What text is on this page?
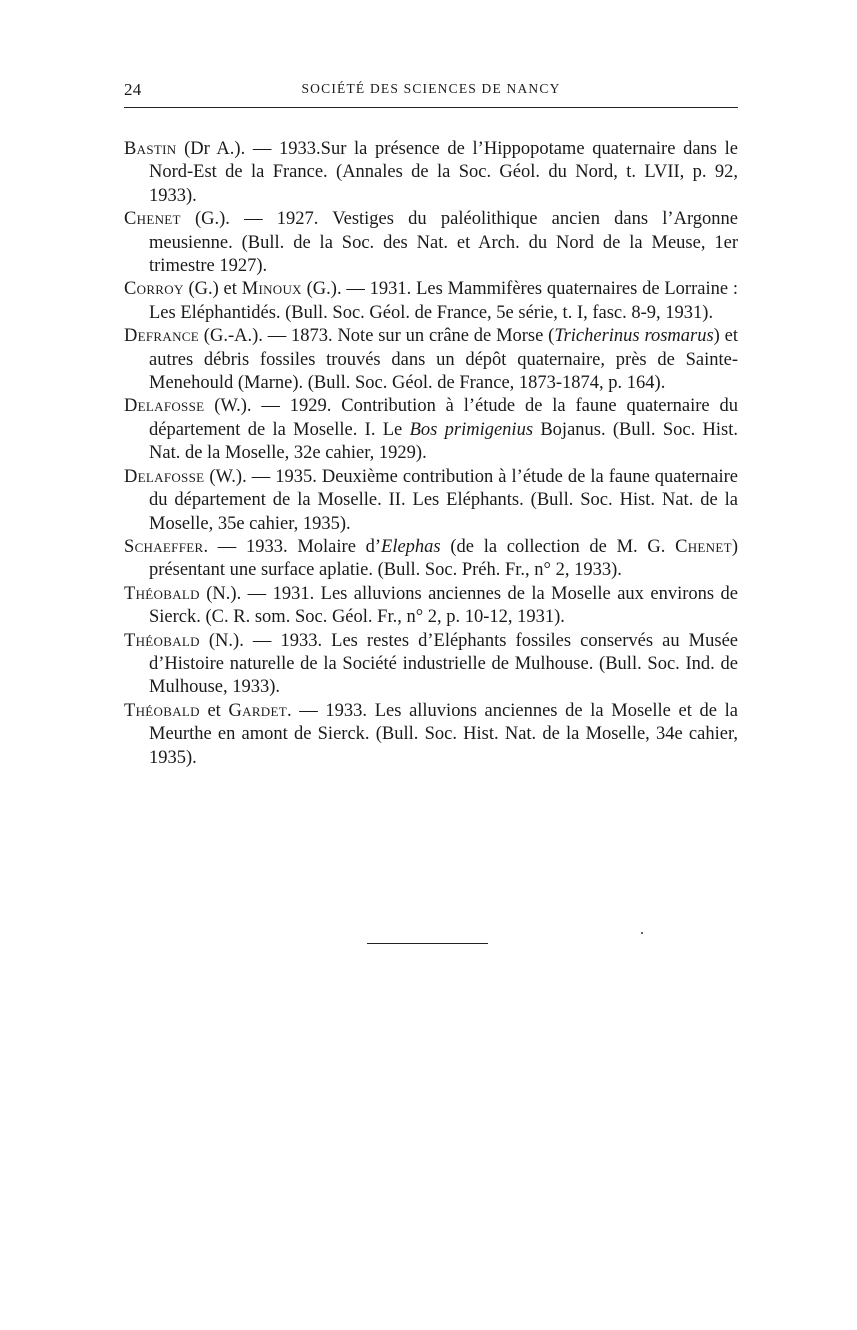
24	SOCIÉTÉ DES SCIENCES DE NANCY

Bastin (Dr A.). — 1933.Sur la présence de l’Hippopotame quaternaire dans le Nord-Est de la France. (Annales de la Soc. Géol. du Nord, t. LVII, p. 92, 1933).

Chenet (G.). — 1927. Vestiges du paléolithique ancien dans l’Argonne meusienne. (Bull. de la Soc. des Nat. et Arch. du Nord de la Meuse, 1er trimestre 1927).

Corroy (G.) et Minoux (G.). — 1931. Les Mammifères quaternaires de Lorraine : Les Eléphantidés. (Bull. Soc. Géol. de France, 5e série, t. I, fasc. 8-9, 1931).

Defrance (G.-A.). — 1873. Note sur un crâne de Morse (Tricherinus rosmarus) et autres débris fossiles trouvés dans un dépôt quaternaire, près de Sainte-Menehould (Marne). (Bull. Soc. Géol. de France, 1873-1874, p. 164).

Delafosse (W.). — 1929. Contribution à l’étude de la faune quaternaire du département de la Moselle. I. Le Bos primigenius Bojanus. (Bull. Soc. Hist. Nat. de la Moselle, 32e cahier, 1929).

Delafosse (W.). — 1935. Deuxième contribution à l’étude de la faune quaternaire du département de la Moselle. II. Les Eléphants. (Bull. Soc. Hist. Nat. de la Moselle, 35e cahier, 1935).

Schaeffer. — 1933. Molaire d’Elephas (de la collection de M. G. Chenet) présentant une surface aplatie. (Bull. Soc. Préh. Fr., n° 2, 1933).

Théobald (N.). — 1931. Les alluvions anciennes de la Moselle aux environs de Sierck. (C. R. som. Soc. Géol. Fr., n° 2, p. 10-12, 1931).

Théobald (N.). — 1933. Les restes d’Eléphants fossiles conservés au Musée d’Histoire naturelle de la Société industrielle de Mulhouse. (Bull. Soc. Ind. de Mulhouse, 1933).

Théobald et Gardet. — 1933. Les alluvions anciennes de la Moselle et de la Meurthe en amont de Sierck. (Bull. Soc. Hist. Nat. de la Moselle, 34e cahier, 1935).
